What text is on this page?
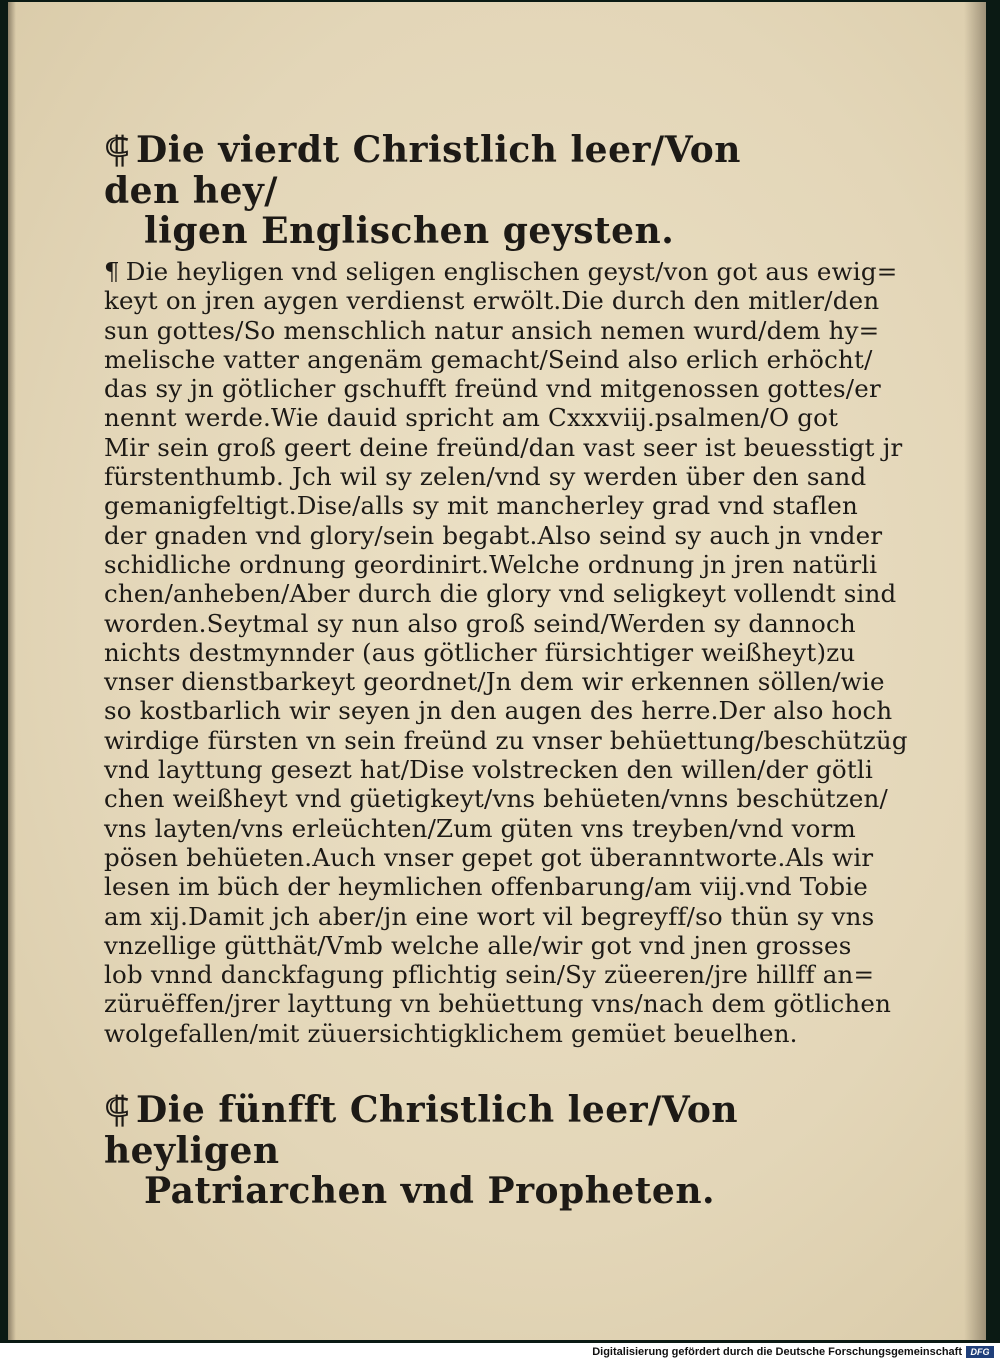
⸿ Die vierdt Christlich leer/Von den hey/
ligen Englischen geysten.
¶ Die heyligen vnd seligen englischen geyst/von got aus ewig=
keyt on jren aygen verdienst erwölt.Die durch den mitler/den
sun gottes/So menschlich natur ansich nemen wurd/dem hy=
melische vatter angenäm gemacht/Seind also erlich erhöcht/
das sy jn götlicher gschufft freünd vnd mitgenossen gottes/er
nennt werde.Wie dauid spricht am Cxxxviij.psalmen/O got
Mir sein groß geert deine freünd/dan vast seer ist beuesstigt jr
fürstenthumb. Jch wil sy zelen/vnd sy werden über den sand
gemanigfeltigt.Dise/alls sy mit mancherley grad vnd staflen
der gnaden vnd glory/sein begabt.Also seind sy auch jn vnder
schidliche ordnung geordinirt.Welche ordnung jn jren natürli
chen/anheben/Aber durch die glory vnd seligkeyt vollendt sind
worden.Seytmal sy nun also groß seind/Werden sy dannoch
nichts destmynnder (aus götlicher fürsichtiger weißheyt)zu
vnser dienstbarkeyt geordnet/Jn dem wir erkennen söllen/wie
so kostbarlich wir seyen jn den augen des herre.Der also hoch
wirdige fürsten vn sein freünd zu vnser behüettung/beschützüg
vnd layttung gesezt hat/Dise volstrecken den willen/der götli
chen weißheyt vnd güetigkeyt/vns behüeten/vnns beschützen/
vns layten/vns erleüchten/Zum güten vns treyben/vnd vorm
pösen behüeten.Auch vnser gepet got überanntworte.Als wir
lesen im büch der heymlichen offenbarung/am viij.vnd Tobie
am xij.Damit jch aber/jn eine wort vil begreyff/so thün sy vns
vnzellige gütthät/Vmb welche alle/wir got vnd jnen grosses
lob vnnd danckfagung pflichtig sein/Sy züeeren/jre hillff an=
züruëffen/jrer layttung vn behüettung vns/nach dem götlichen
wolgefallen/mit züuersichtigklichem gemüet beuelhen.
⸿ Die fünfft Christlich leer/Von heyligen
Patriarchen vnd Propheten.
Digitalisierung gefördert durch die Deutsche Forschungsgemeinschaft DFG
